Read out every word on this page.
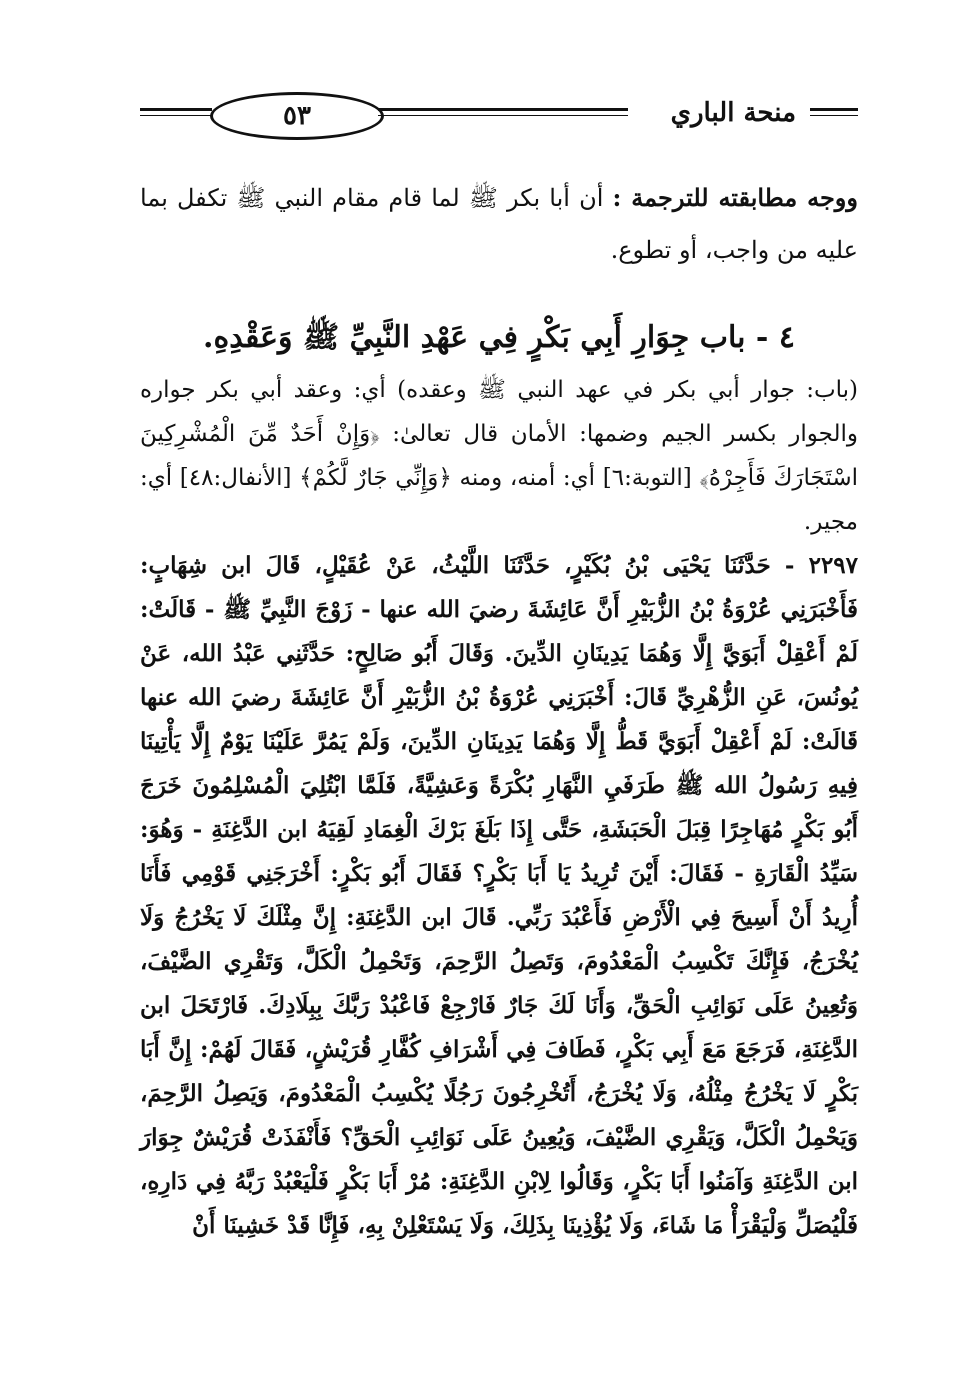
٥٣	منحة الباري

ووجه مطابقته للترجمة : أن أبا بكر ﷺ لما قام مقام النبي ﷺ تكفل بما عليه من واجب، أو تطوع.

٤ - باب جِوَارِ أَبِي بَكْرٍ فِي عَهْدِ النَّبِيِّ ﷺ وَعَقْدِهِ.

(باب: جوار أبي بكر في عهد النبي ﷺ وعقده) أي: وعقد أبي بكر جواره والجوار بكسر الجيم وضمها: الأمان قال تعالىٰ: ﴿وَإِنْ أَحَدٌ مِّنَ الْمُشْرِكِينَ اسْتَجَارَكَ فَأَجِرْهُ﴾ [التوبة:٦] أي: أمنه، ومنه ﴿وَإِنِّي جَارٌ لَّكُمْ﴾ [الأنفال:٤٨] أي: مجير.

٢٢٩٧ - حَدَّثَنَا يَحْيَى بْنُ بُكَيْرٍ، حَدَّثَنَا اللَّيْثُ، عَنْ عُقَيْلٍ، قَالَ ابن شِهَابٍ: فَأَخْبَرَنِي عُرْوَةُ بْنُ الزُّبَيْرِ أَنَّ عَائِشَةَ رضيَ الله عنها - زَوْجَ النَّبِيِّ ﷺ - قَالَتْ: لَمْ أَعْقِلْ أَبَوَيَّ إِلَّا وَهُمَا يَدِينَانِ الدِّينَ. وَقَالَ أَبُو صَالِحٍ: حَدَّثَنِي عَبْدُ الله، عَنْ يُونُسَ، عَنِ الزُّهْرِيِّ قَالَ: أَخْبَرَنِي عُرْوَةُ بْنُ الزُّبَيْرِ أَنَّ عَائِشَةَ رضيَ الله عنها قَالَتْ: لَمْ أَعْقِلْ أَبَوَيَّ قَطُّ إِلَّا وَهُمَا يَدِينَانِ الدِّينَ، وَلَمْ يَمُرَّ عَلَيْنَا يَوْمٌ إِلَّا يَأْتِينَا فِيهِ رَسُولُ الله ﷺ طَرَفَيِ النَّهَارِ بُكْرَةً وَعَشِيَّةً، فَلَمَّا ابْتُلِيَ الْمُسْلِمُونَ خَرَجَ أَبُو بَكْرٍ مُهَاجِرًا قِبَلَ الْحَبَشَةِ، حَتَّى إِذَا بَلَغَ بَرْكَ الْغِمَادِ لَقِيَهُ ابن الدَّغِنَةِ - وَهُوَ: سَيِّدُ الْقَارَةِ - فَقَالَ: أَيْنَ تُرِيدُ يَا أَبَا بَكْرٍ؟ فَقَالَ أَبُو بَكْرٍ: أَخْرَجَنِي قَوْمِي فَأَنَا أُرِيدُ أَنْ أَسِيحَ فِي الْأَرْضِ فَأَعْبُدَ رَبِّي. قَالَ ابن الدَّغِنَةِ: إِنَّ مِثْلَكَ لَا يَخْرُجُ وَلَا يُخْرَجُ، فَإِنَّكَ تَكْسِبُ الْمَعْدُومَ، وَتَصِلُ الرَّحِمَ، وَتَحْمِلُ الْكَلَّ، وَتَقْرِي الضَّيْفَ، وَتُعِينُ عَلَى نَوَائِبِ الْحَقِّ، وَأَنَا لَكَ جَارٌ فَارْجِعْ فَاعْبُدْ رَبَّكَ بِبِلَادِكَ. فَارْتَحَلَ ابن الدَّغِنَةِ، فَرَجَعَ مَعَ أَبِي بَكْرٍ، فَطَافَ فِي أَشْرَافِ كُفَّارِ قُرَيْشٍ، فَقَالَ لَهُمْ: إِنَّ أَبَا بَكْرٍ لَا يَخْرُجُ مِثْلُهُ، وَلَا يُخْرَجُ، أَتُخْرِجُونَ رَجُلًا يُكْسِبُ الْمَعْدُومَ، وَيَصِلُ الرَّحِمَ، وَيَحْمِلُ الْكَلَّ، وَيَقْرِي الضَّيْفَ، وَيُعِينُ عَلَى نَوَائِبِ الْحَقِّ؟ فَأَنْفَذَتْ قُرَيْشٌ جِوَارَ ابن الدَّغِنَةِ وَآمَنُوا أَبَا بَكْرٍ، وَقَالُوا لِابْنِ الدَّغِنَةِ: مُرْ أَبَا بَكْرٍ فَلْيَعْبُدْ رَبَّهُ فِي دَارِهِ، فَلْيُصَلِّ وَلْيَقْرَأْ مَا شَاءَ، وَلَا يُؤْذِينَا بِذَلِكَ، وَلَا يَسْتَعْلِنْ بِهِ، فَإِنَّا قَدْ خَشِينَا أَنْ
